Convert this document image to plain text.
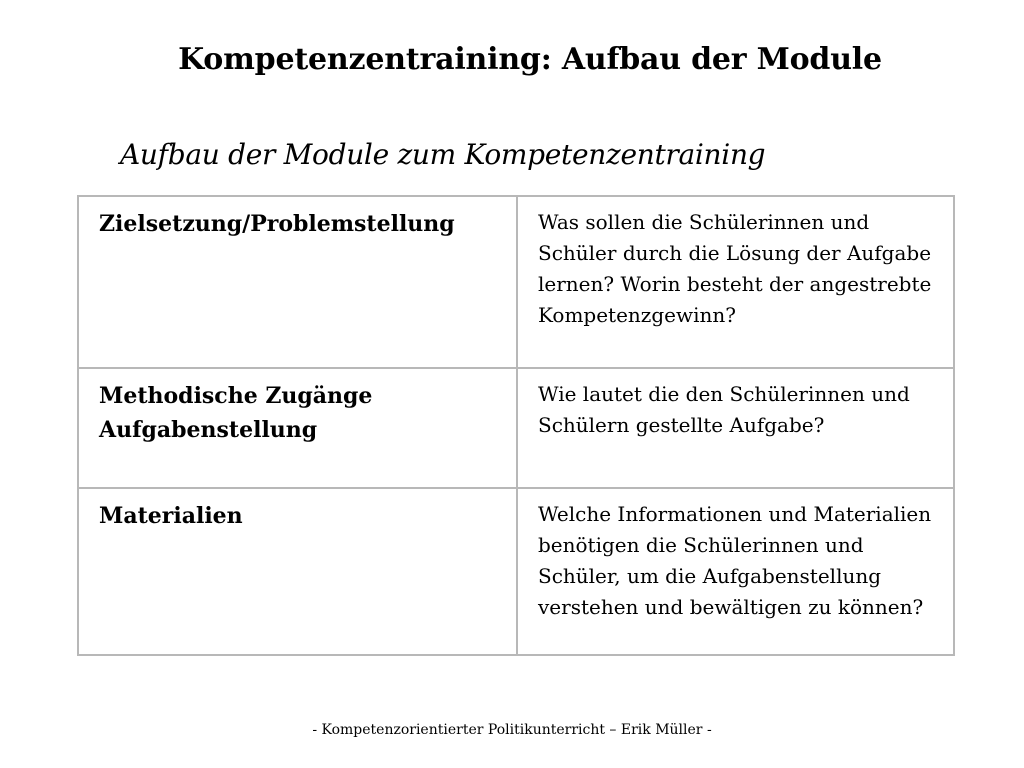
Kompetenzentraining: Aufbau der Module
Aufbau der Module zum Kompetenzentraining
Zielsetzung/Problemstellung	Was sollen die Schülerinnen und Schüler durch die Lösung der Aufgabe lernen? Worin besteht der angestrebte Kompetenzgewinn?
Methodische Zugänge
Aufgabenstellung
Wie lautet die den Schülerinnen und Schülern gestellte Aufgabe?
Materialien	Welche Informationen und Materialien benötigen die Schülerinnen und Schüler, um die Aufgabenstellung verstehen und bewältigen zu können?
- Kompetenzorientierter Politikunterricht – Erik Müller -
